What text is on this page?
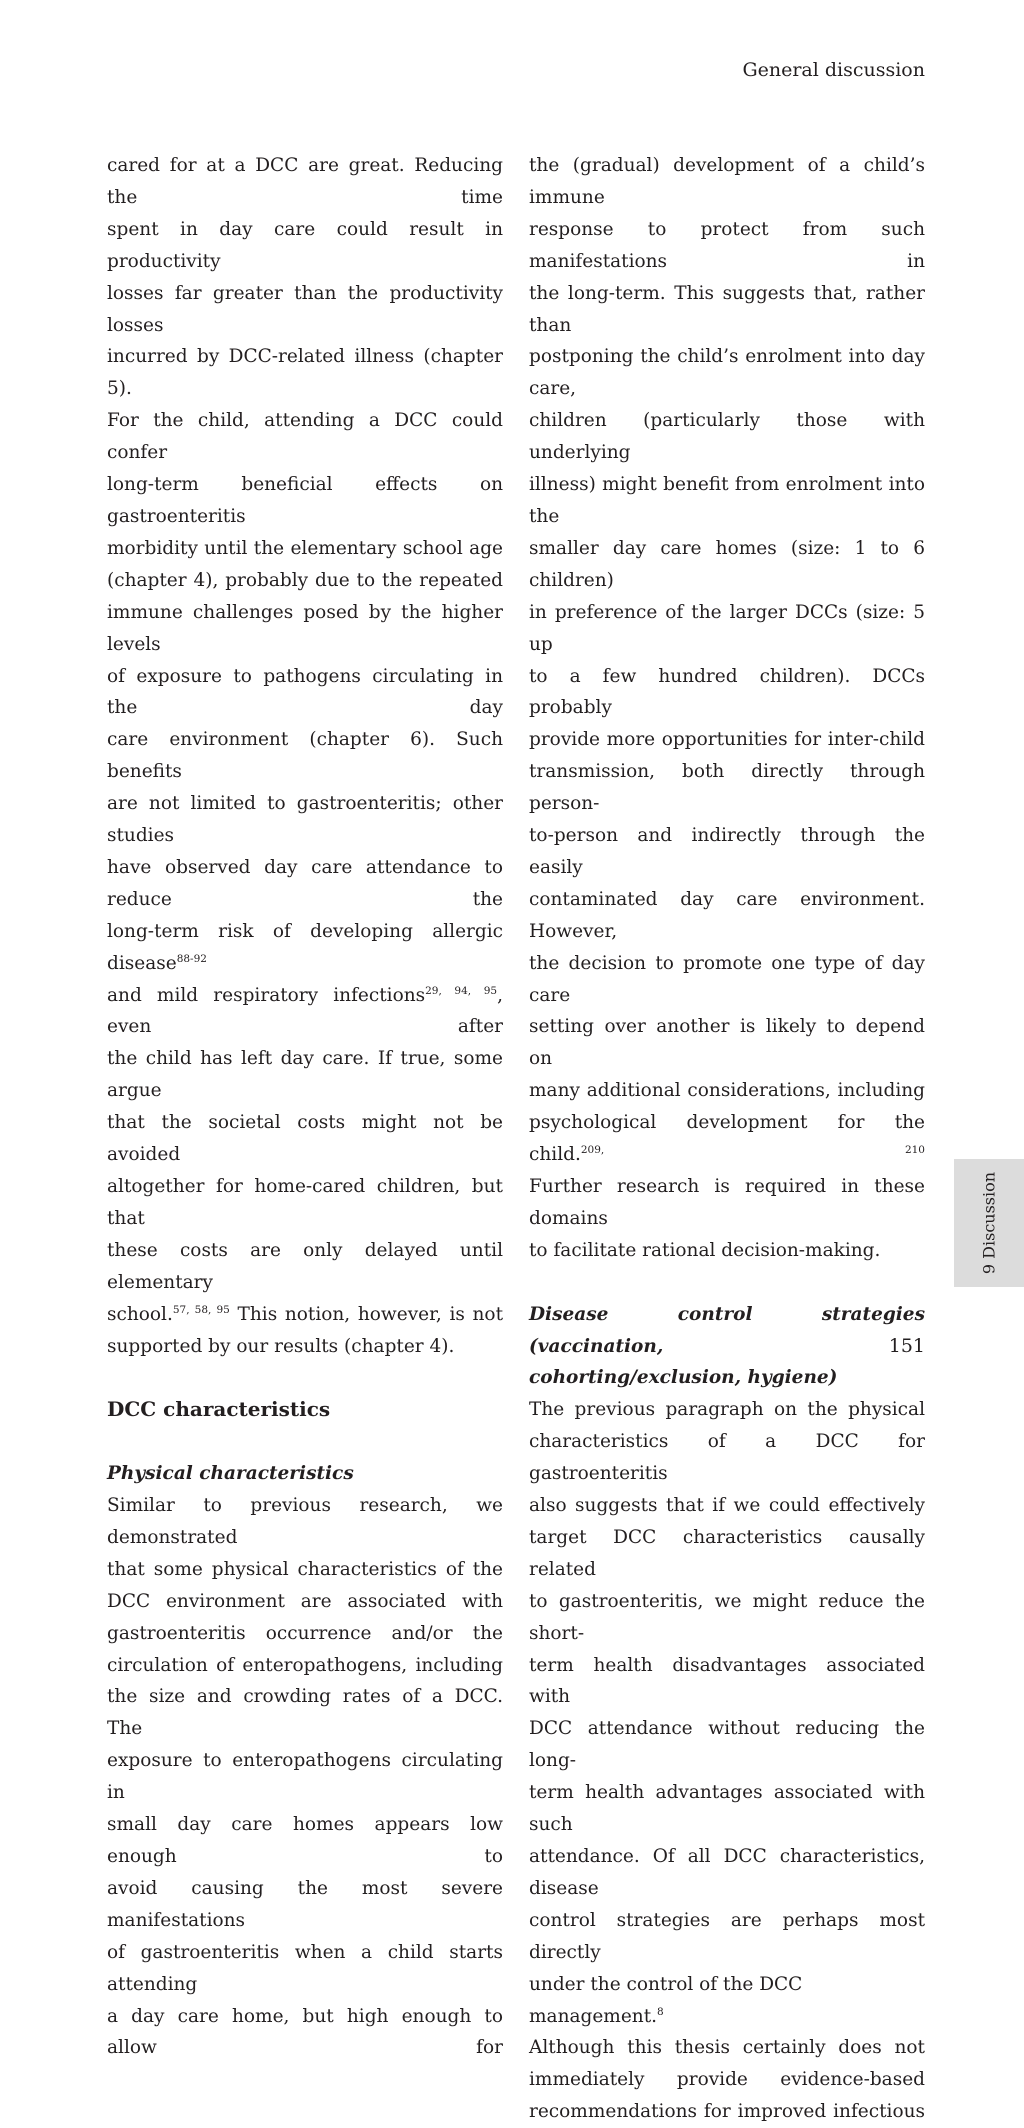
General discussion

cared for at a DCC are great. Reducing the time

spent in day care could result in productivity

losses far greater than the productivity losses

incurred by DCC-related illness (chapter 5).

For the child, attending a DCC could confer

long-term beneficial effects on gastroenteritis

morbidity until the elementary school age

(chapter 4), probably due to the repeated

immune challenges posed by the higher levels

of exposure to pathogens circulating in the day

care environment (chapter 6). Such benefits

are not limited to gastroenteritis; other studies

have observed day care attendance to reduce the

long-term risk of developing allergic disease$^{88-92}$

and mild respiratory infections$^{29, 94, 95}$, even after

the child has left day care. If true, some argue

that the societal costs might not be avoided

altogether for home-cared children, but that

these costs are only delayed until elementary

school.$^{57, 58, 95}$ This notion, however, is not

supported by our results (chapter 4).

DCC characteristics

Physical characteristics

Similar to previous research, we demonstrated

that some physical characteristics of the

DCC environment are associated with

gastroenteritis occurrence and/or the

circulation of enteropathogens, including

the size and crowding rates of a DCC. The

exposure to enteropathogens circulating in

small day care homes appears low enough to

avoid causing the most severe manifestations

of gastroenteritis when a child starts attending

a day care home, but high enough to allow for

the (gradual) development of a child’s immune

response to protect from such manifestations in

the long-term. This suggests that, rather than

postponing the child’s enrolment into day care,

children (particularly those with underlying

illness) might benefit from enrolment into the

smaller day care homes (size: 1 to 6 children)

in preference of the larger DCCs (size: 5 up

to a few hundred children). DCCs probably

provide more opportunities for inter-child

transmission, both directly through person-

to-person and indirectly through the easily

contaminated day care environment. However,

the decision to promote one type of day care

setting over another is likely to depend on

many additional considerations, including

psychological development for the child.$^{209, 210}$

Further research is required in these domains

to facilitate rational decision-making.

Disease control strategies (vaccination,

cohorting/exclusion, hygiene)

The previous paragraph on the physical

characteristics of a DCC for gastroenteritis

also suggests that if we could effectively

target DCC characteristics causally related

to gastroenteritis, we might reduce the short-

term health disadvantages associated with

DCC attendance without reducing the long-

term health advantages associated with such

attendance. Of all DCC characteristics, disease

control strategies are perhaps most directly

under the control of the DCC management.$^8$

Although this thesis certainly does not

immediately provide evidence-based

recommendations for improved infectious

9 Discussion
151
